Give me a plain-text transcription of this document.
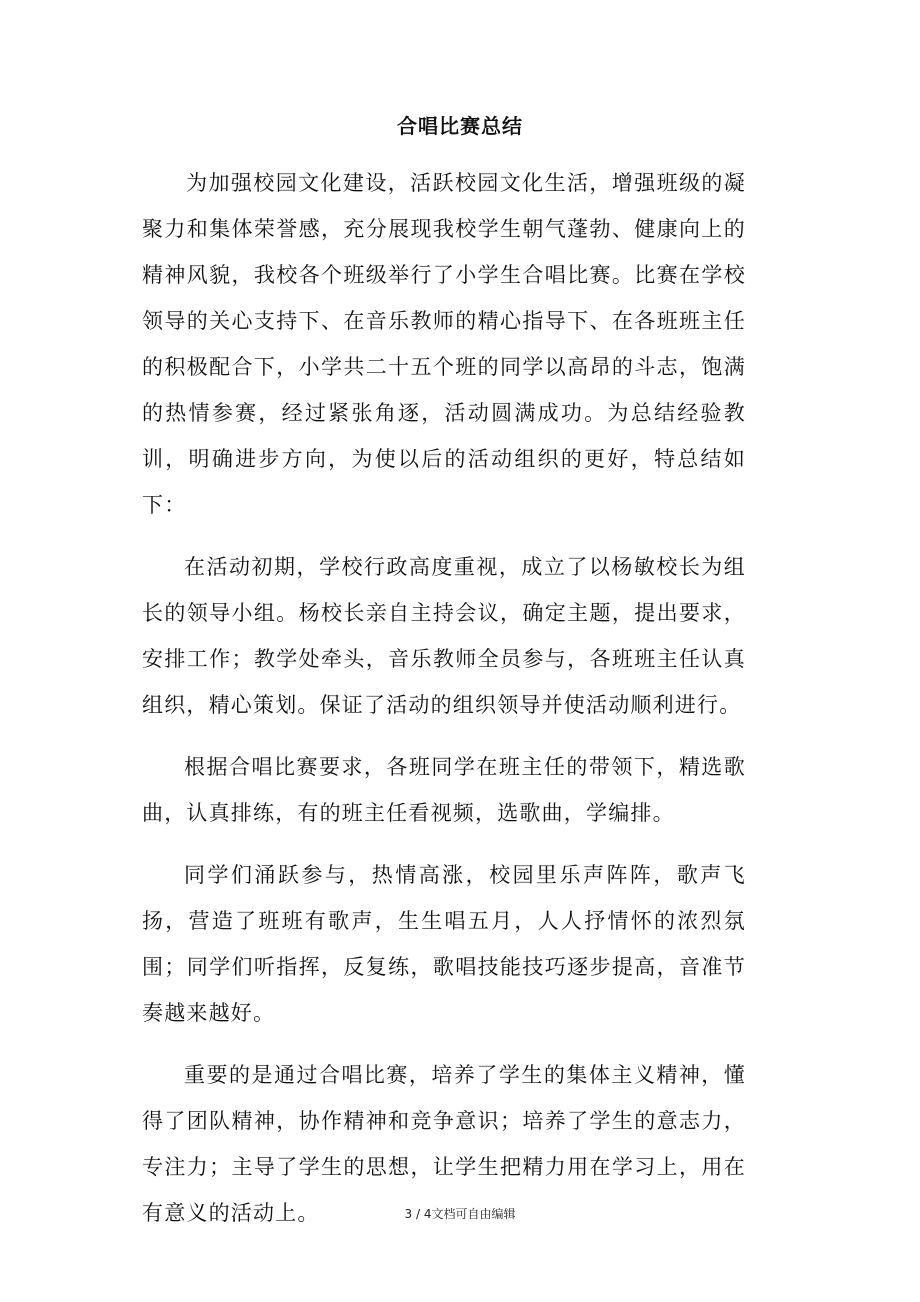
合唱比赛总结

为加强校园文化建设，活跃校园文化生活，增强班级的凝聚力和集体荣誉感，充分展现我校学生朝气蓬勃、健康向上的精神风貌，我校各个班级举行了小学生合唱比赛。比赛在学校领导的关心支持下、在音乐教师的精心指导下、在各班班主任的积极配合下，小学共二十五个班的同学以高昂的斗志，饱满的热情参赛，经过紧张角逐，活动圆满成功。为总结经验教训，明确进步方向，为使以后的活动组织的更好，特总结如下：

在活动初期，学校行政高度重视，成立了以杨敏校长为组长的领导小组。杨校长亲自主持会议，确定主题，提出要求，安排工作；教学处牵头，音乐教师全员参与，各班班主任认真组织，精心策划。保证了活动的组织领导并使活动顺利进行。

根据合唱比赛要求，各班同学在班主任的带领下，精选歌曲，认真排练，有的班主任看视频，选歌曲，学编排。

同学们涌跃参与，热情高涨，校园里乐声阵阵，歌声飞扬，营造了班班有歌声，生生唱五月，人人抒情怀的浓烈氛围；同学们听指挥，反复练，歌唱技能技巧逐步提高，音准节奏越来越好。

重要的是通过合唱比赛，培养了学生的集体主义精神，懂得了团队精神，协作精神和竞争意识；培养了学生的意志力，专注力；主导了学生的思想，让学生把精力用在学习上，用在有意义的活动上。	3 / 4文档可自由编辑
